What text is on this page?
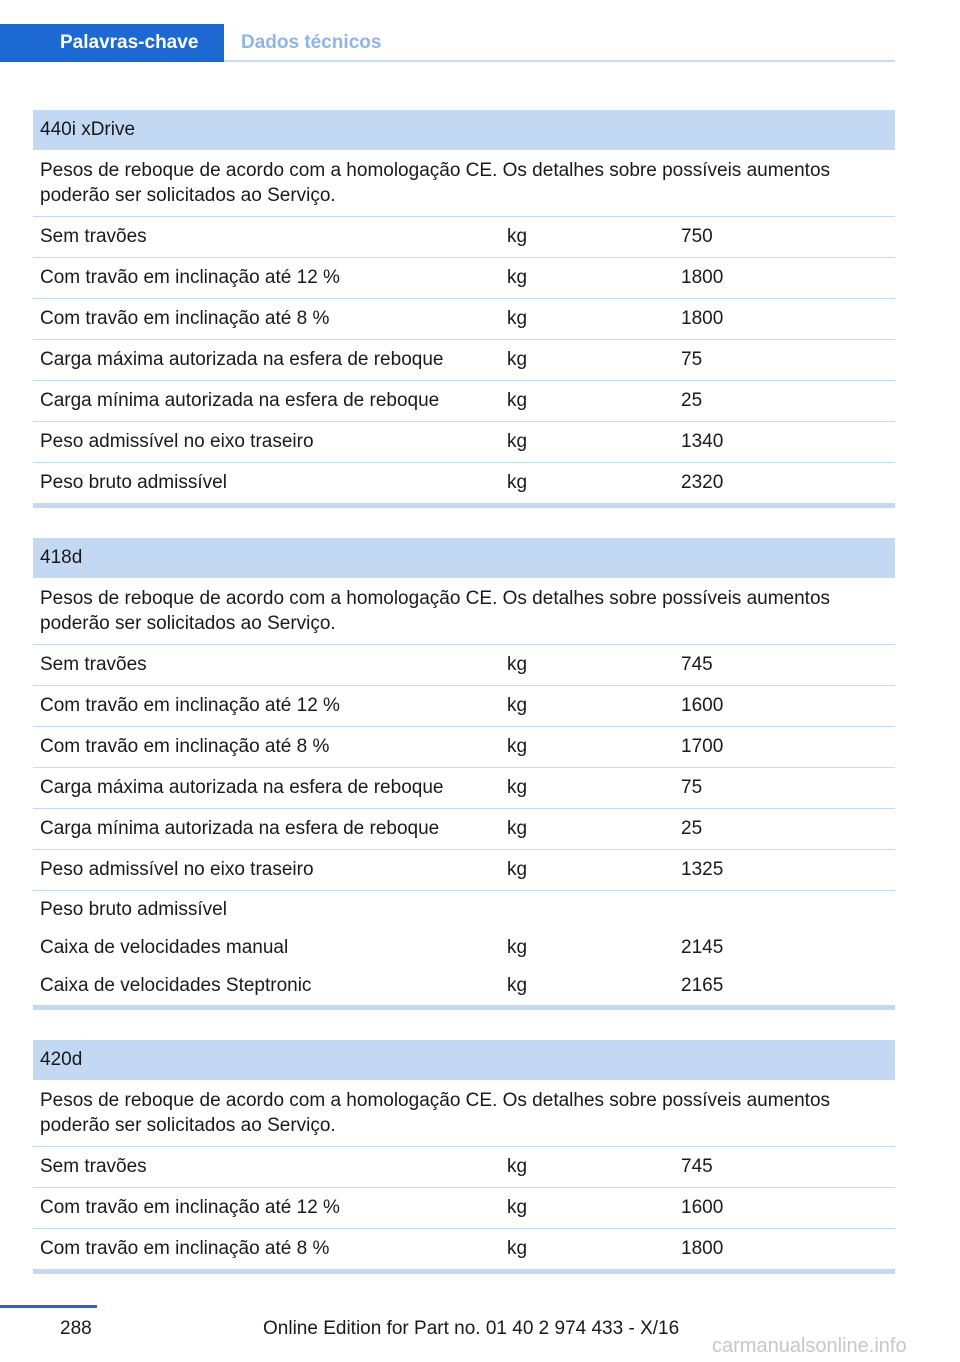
Palavras-chave	Dados técnicos
440i xDrive
Pesos de reboque de acordo com a homologação CE. Os detalhes sobre possíveis aumentos poderão ser solicitados ao Serviço.
Sem travões	kg	750
Com travão em inclinação até 12 %	kg	1800
Com travão em inclinação até 8 %	kg	1800
Carga máxima autorizada na esfera de reboque	kg	75
Carga mínima autorizada na esfera de reboque	kg	25
Peso admissível no eixo traseiro	kg	1340
Peso bruto admissível	kg	2320
418d
Pesos de reboque de acordo com a homologação CE. Os detalhes sobre possíveis aumentos poderão ser solicitados ao Serviço.
Sem travões	kg	745
Com travão em inclinação até 12 %	kg	1600
Com travão em inclinação até 8 %	kg	1700
Carga máxima autorizada na esfera de reboque	kg	75
Carga mínima autorizada na esfera de reboque	kg	25
Peso admissível no eixo traseiro	kg	1325
Peso bruto admissível
Caixa de velocidades manual	kg	2145
Caixa de velocidades Steptronic	kg	2165
420d
Pesos de reboque de acordo com a homologação CE. Os detalhes sobre possíveis aumentos poderão ser solicitados ao Serviço.
Sem travões	kg	745
Com travão em inclinação até 12 %	kg	1600
Com travão em inclinação até 8 %	kg	1800
288	Online Edition for Part no. 01 40 2 974 433 - X/16
carmanualsonline.info
